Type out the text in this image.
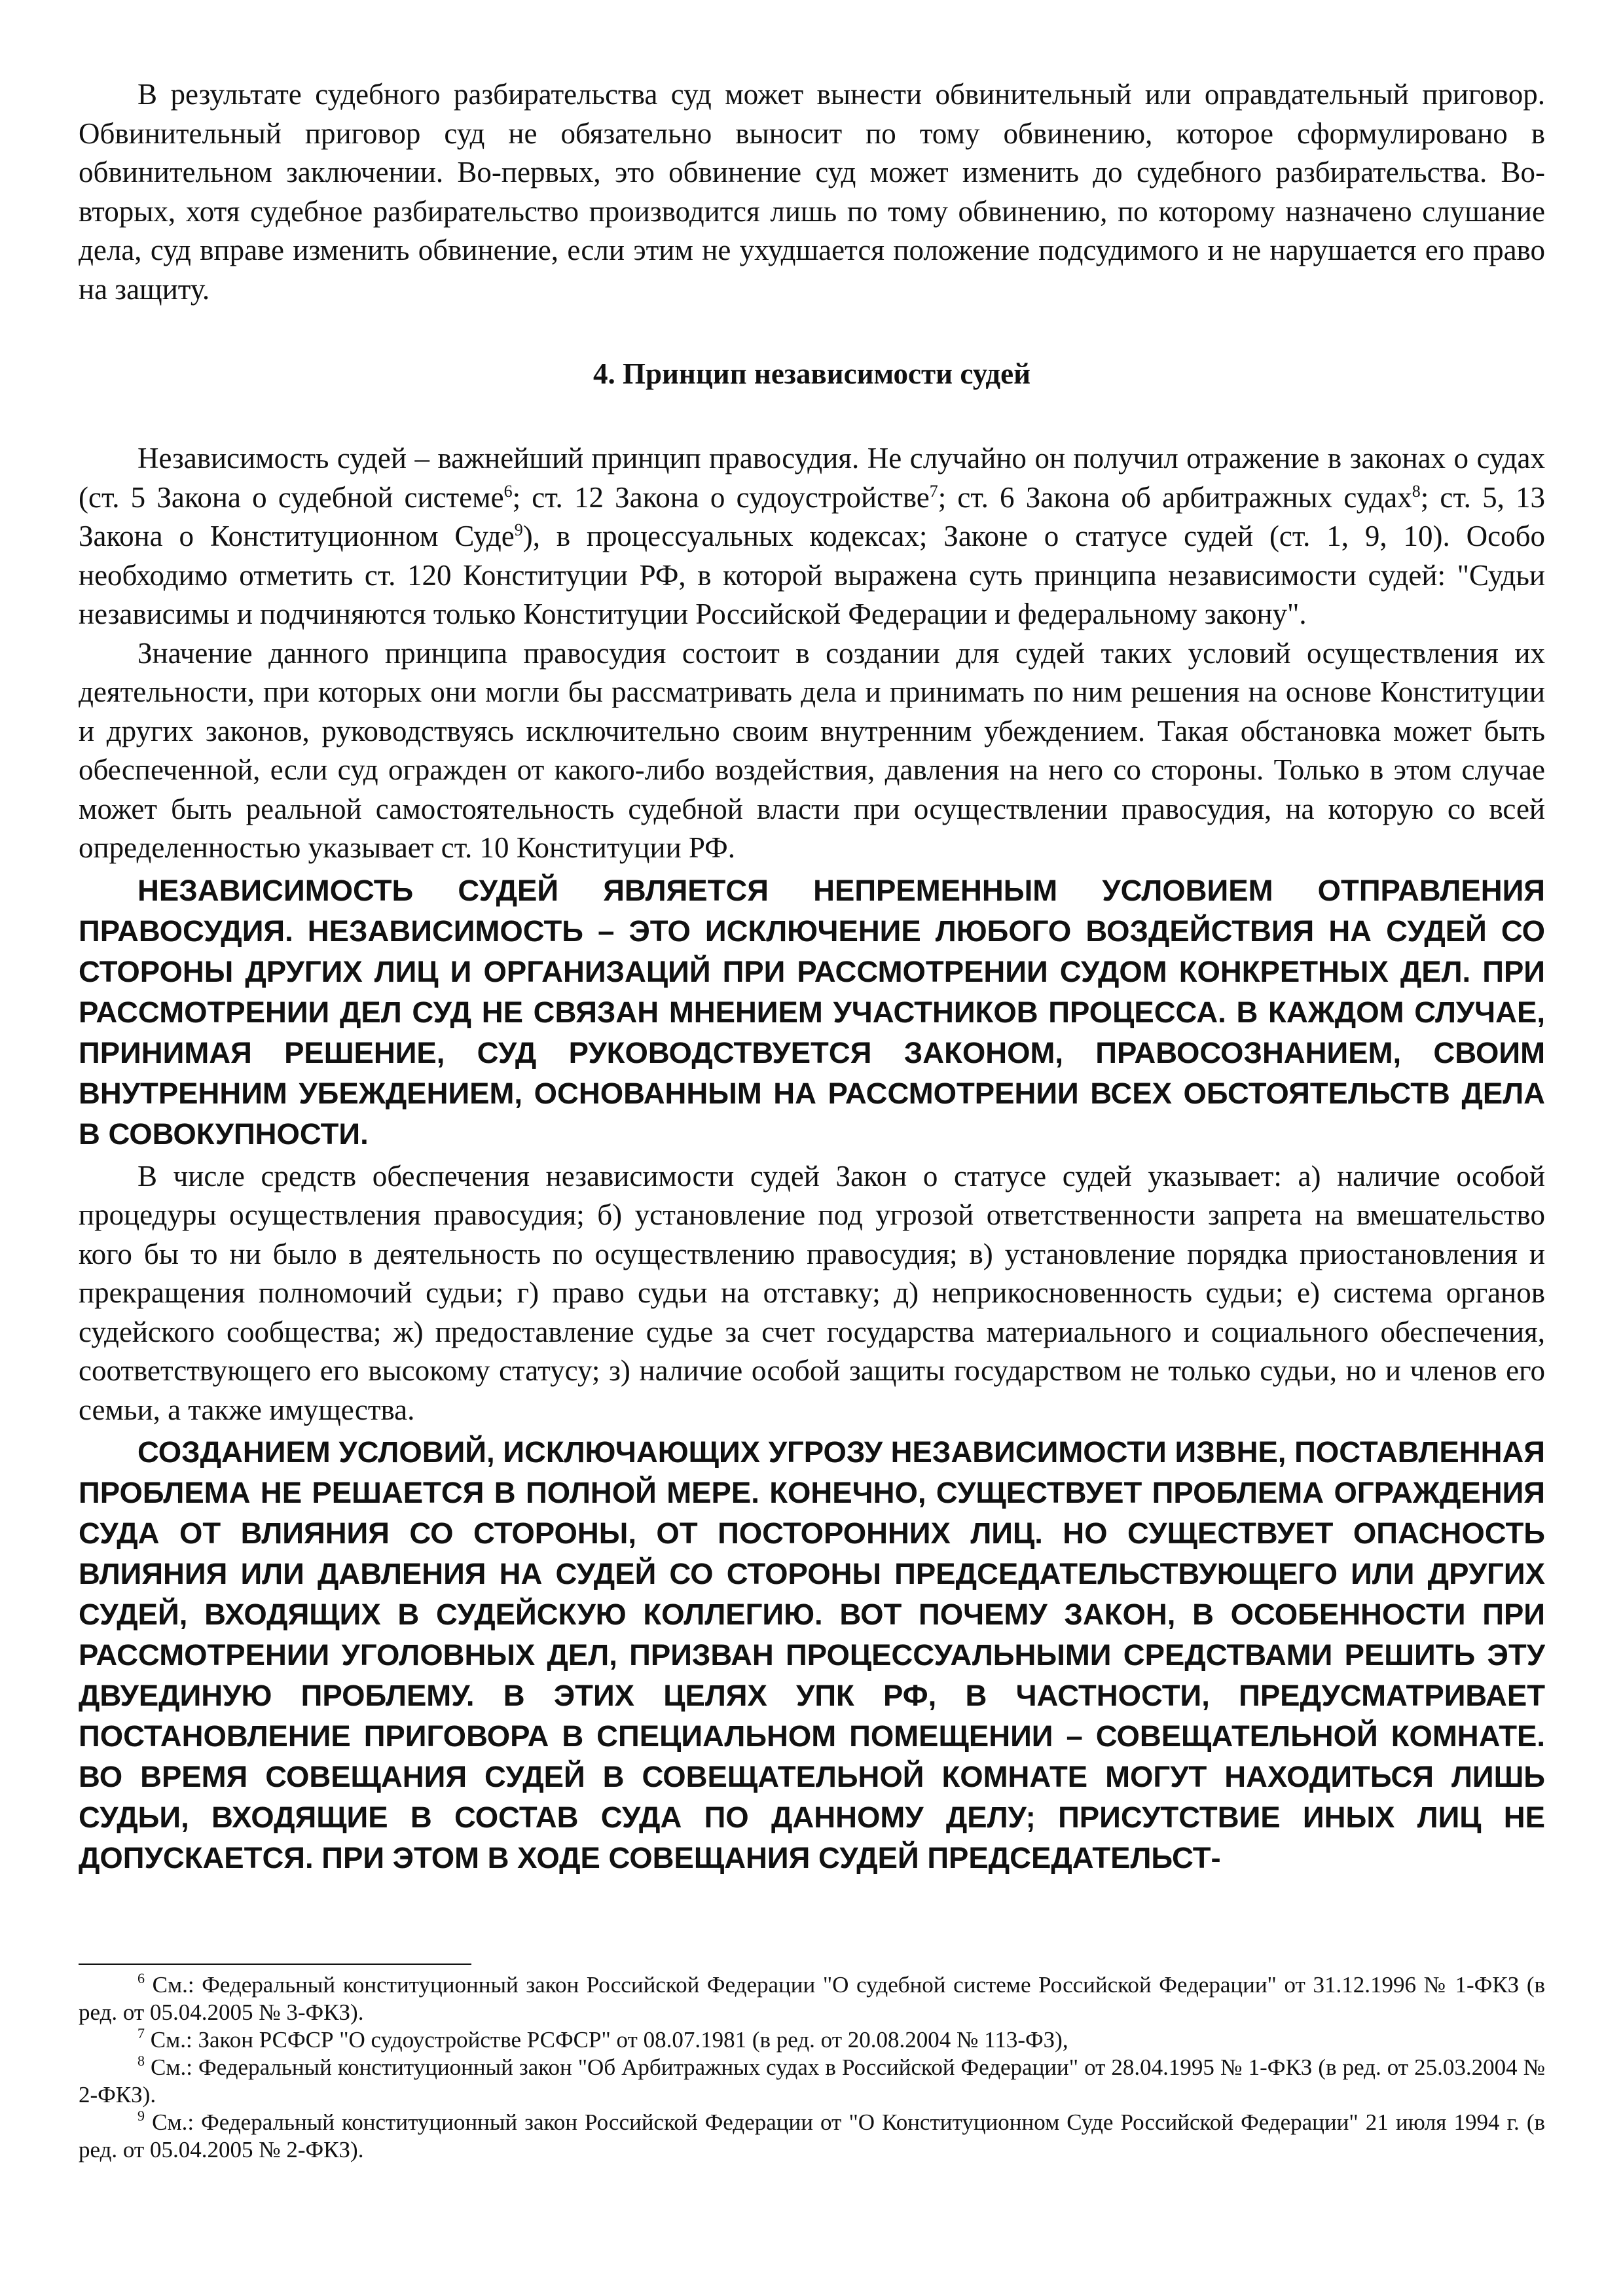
В результате судебного разбирательства суд может вынести обвинительный или оправдательный приговор. Обвинительный приговор суд не обязательно выносит по тому обвинению, которое сформулировано в обвинительном заключении. Во-первых, это обвинение суд может изменить до судебного разбирательства. Во-вторых, хотя судебное разбирательство производится лишь по тому обвинению, по которому назначено слушание дела, суд вправе изменить обвинение, если этим не ухудшается положение подсудимого и не нарушается его право на защиту.

4. Принцип независимости судей

Независимость судей – важнейший принцип правосудия. Не случайно он получил отражение в законах о судах (ст. 5 Закона о судебной системе$^6$; ст. 12 Закона о судоустройстве$^7$; ст. 6 Закона об арбитражных судах$^8$; ст. 5, 13 Закона о Конституционном Суде$^9$), в процессуальных кодексах; Законе о статусе судей (ст. 1, 9, 10). Особо необходимо отметить ст. 120 Конституции РФ, в которой выражена суть принципа независимости судей: "Судьи независимы и подчиняются только Конституции Российской Федерации и федеральному закону".

Значение данного принципа правосудия состоит в создании для судей таких условий осуществления их деятельности, при которых они могли бы рассматривать дела и принимать по ним решения на основе Конституции и других законов, руководствуясь исключительно своим внутренним убеждением. Такая обстановка может быть обеспеченной, если суд огражден от какого-либо воздействия, давления на него со стороны. Только в этом случае может быть реальной самостоятельность судебной власти при осуществлении правосудия, на которую со всей определенностью указывает ст. 10 Конституции РФ.

НЕЗАВИСИМОСТЬ СУДЕЙ ЯВЛЯЕТСЯ НЕПРЕМЕННЫМ УСЛОВИЕМ ОТПРАВЛЕНИЯ ПРАВОСУДИЯ. НЕЗАВИСИМОСТЬ – ЭТО ИСКЛЮЧЕНИЕ ЛЮБОГО ВОЗДЕЙСТВИЯ НА СУДЕЙ СО СТОРОНЫ ДРУГИХ ЛИЦ И ОРГАНИЗАЦИЙ ПРИ РАССМОТРЕНИИ СУДОМ КОНКРЕТНЫХ ДЕЛ. ПРИ РАССМОТРЕНИИ ДЕЛ СУД НЕ СВЯЗАН МНЕНИЕМ УЧАСТНИКОВ ПРОЦЕССА. В КАЖДОМ СЛУЧАЕ, ПРИНИМАЯ РЕШЕНИЕ, СУД РУКОВОДСТВУЕТСЯ ЗАКОНОМ, ПРАВОСОЗНАНИЕМ, СВОИМ ВНУТРЕННИМ УБЕЖДЕНИЕМ, ОСНОВАННЫМ НА РАССМОТРЕНИИ ВСЕХ ОБСТОЯТЕЛЬСТВ ДЕЛА В СОВОКУПНОСТИ.

В числе средств обеспечения независимости судей Закон о статусе судей указывает: а) наличие особой процедуры осуществления правосудия; б) установление под угрозой ответственности запрета на вмешательство кого бы то ни было в деятельность по осуществлению правосудия; в) установление порядка приостановления и прекращения полномочий судьи; г) право судьи на отставку; д) неприкосновенность судьи; е) система органов судейского сообщества; ж) предоставление судье за счет государства материального и социального обеспечения, соответствующего его высокому статусу; з) наличие особой защиты государством не только судьи, но и членов его семьи, а также имущества.

СОЗДАНИЕМ УСЛОВИЙ, ИСКЛЮЧАЮЩИХ УГРОЗУ НЕЗАВИСИМОСТИ ИЗВНЕ, ПОСТАВЛЕННАЯ ПРОБЛЕМА НЕ РЕШАЕТСЯ В ПОЛНОЙ МЕРЕ. КОНЕЧНО, СУЩЕСТВУЕТ ПРОБЛЕМА ОГРАЖДЕНИЯ СУДА ОТ ВЛИЯНИЯ СО СТОРОНЫ, ОТ ПОСТОРОННИХ ЛИЦ. НО СУЩЕСТВУЕТ ОПАСНОСТЬ ВЛИЯНИЯ ИЛИ ДАВЛЕНИЯ НА СУДЕЙ СО СТОРОНЫ ПРЕДСЕДАТЕЛЬСТВУЮЩЕГО ИЛИ ДРУГИХ СУДЕЙ, ВХОДЯЩИХ В СУДЕЙСКУЮ КОЛЛЕГИЮ. ВОТ ПОЧЕМУ ЗАКОН, В ОСОБЕННОСТИ ПРИ РАССМОТРЕНИИ УГОЛОВНЫХ ДЕЛ, ПРИЗВАН ПРОЦЕССУАЛЬНЫМИ СРЕДСТВАМИ РЕШИТЬ ЭТУ ДВУЕДИНУЮ ПРОБЛЕМУ. В ЭТИХ ЦЕЛЯХ УПК РФ, В ЧАСТНОСТИ, ПРЕДУСМАТРИВАЕТ ПОСТАНОВЛЕНИЕ ПРИГОВОРА В СПЕЦИАЛЬНОМ ПОМЕЩЕНИИ – СОВЕЩАТЕЛЬНОЙ КОМНАТЕ. ВО ВРЕМЯ СОВЕЩАНИЯ СУДЕЙ В СОВЕЩАТЕЛЬНОЙ КОМНАТЕ МОГУТ НАХОДИТЬСЯ ЛИШЬ СУДЬИ, ВХОДЯЩИЕ В СОСТАВ СУДА ПО ДАННОМУ ДЕЛУ; ПРИСУТСТВИЕ ИНЫХ ЛИЦ НЕ ДОПУСКАЕТСЯ. ПРИ ЭТОМ В ХОДЕ СОВЕЩАНИЯ СУДЕЙ ПРЕДСЕДАТЕЛЬСТ-

$^6$ См.: Федеральный конституционный закон Российской Федерации "О судебной системе Российской Федерации" от 31.12.1996 № 1-ФКЗ (в ред. от 05.04.2005 № 3-ФКЗ).

$^7$ См.: Закон РСФСР "О судоустройстве РСФСР" от 08.07.1981 (в ред. от 20.08.2004 № 113-ФЗ),

$^8$ См.: Федеральный конституционный закон "Об Арбитражных судах в Российской Федерации" от 28.04.1995 № 1-ФКЗ (в ред. от 25.03.2004 № 2-ФКЗ).

$^9$ См.: Федеральный конституционный закон Российской Федерации от "О Конституционном Суде Российской Федерации" 21 июля 1994 г. (в ред. от 05.04.2005 № 2-ФКЗ).
